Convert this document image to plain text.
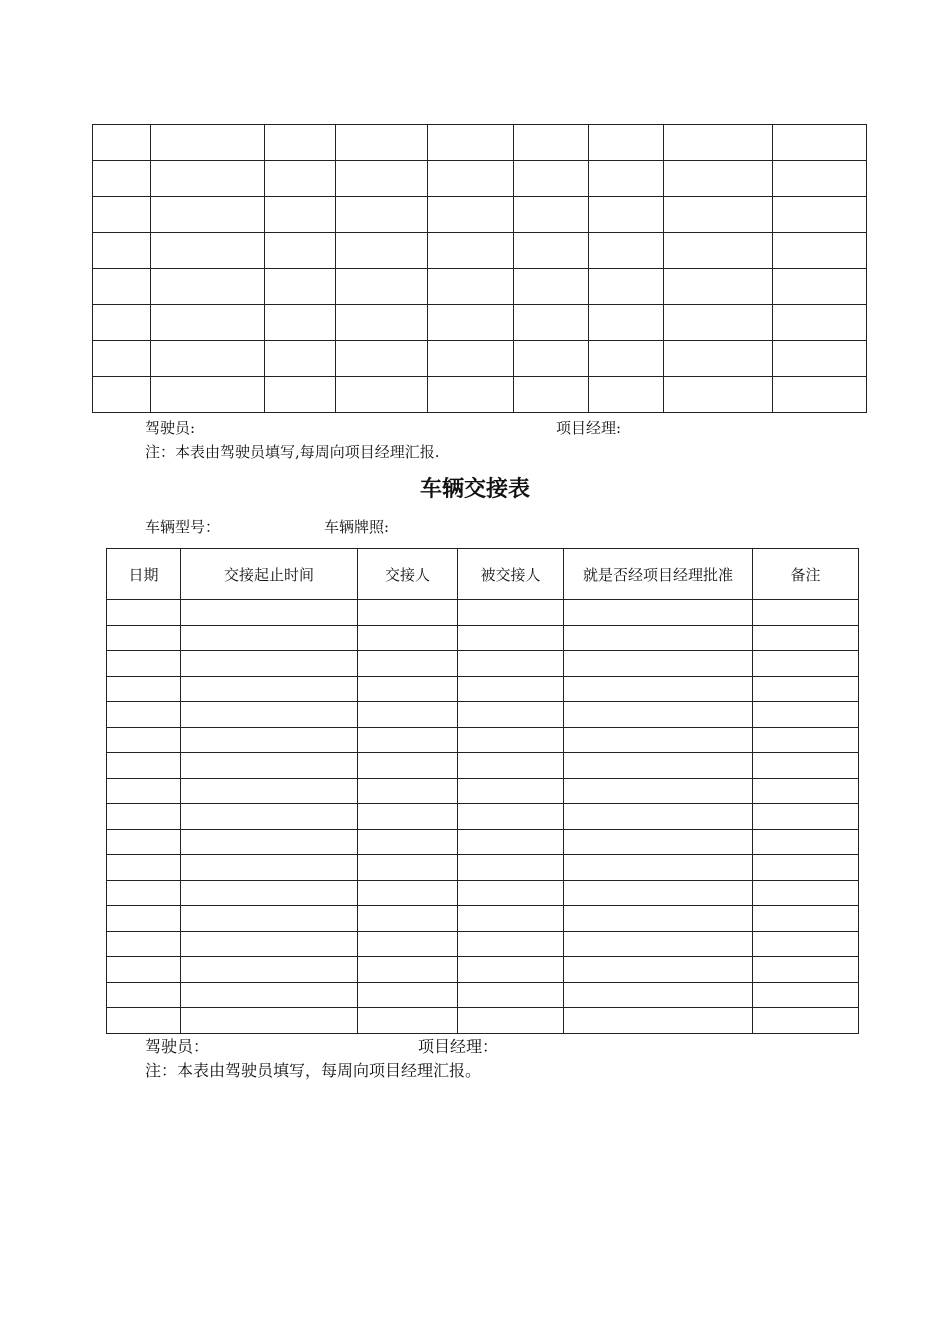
驾驶员:	项目经理:
注：本表由驾驶员填写,每周向项目经理汇报.
车辆交接表
车辆型号：	车辆牌照:
日期	交接起止时间	交接人	被交接人	就是否经项目经理批准	备注

驾驶员：	项目经理：
注：本表由驾驶员填写，每周向项目经理汇报。
